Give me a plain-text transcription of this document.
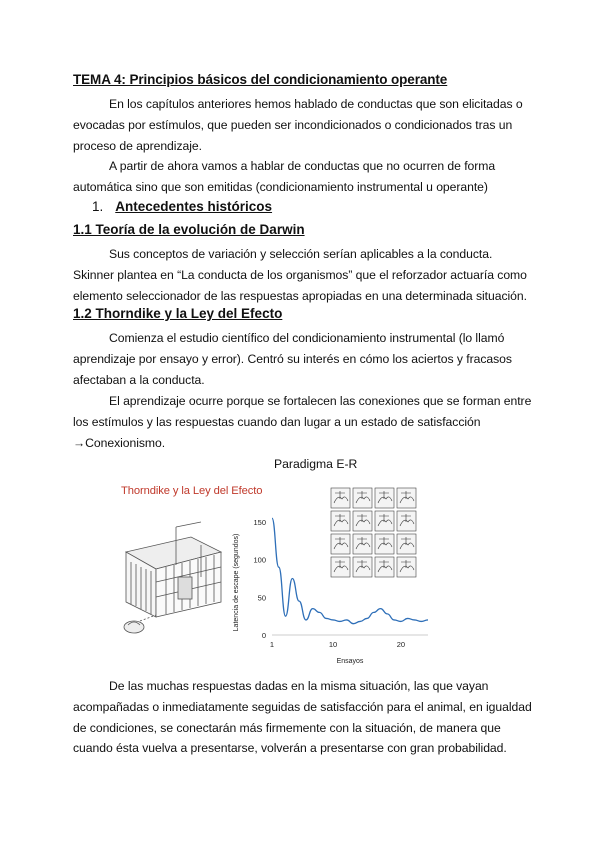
TEMA 4: Principios básicos del condicionamiento operante

En los capítulos anteriores hemos hablado de conductas que son elicitadas o evocadas por estímulos, que pueden ser incondicionados o condicionados tras un proceso de aprendizaje.

A partir de ahora vamos a hablar de conductas que no ocurren de forma automática sino que son emitidas (condicionamiento instrumental u operante)

1. Antecedentes históricos
1.1 Teoría de la evolución de Darwin

Sus conceptos de variación y selección serían aplicables a la conducta. Skinner plantea en “La conducta de los organismos” que el reforzador actuaría como elemento seleccionador de las respuestas apropiadas en una determinada situación.

1.2 Thorndike y la Ley del Efecto

Comienza el estudio científico del condicionamiento instrumental (lo llamó aprendizaje por ensayo y error). Centró su interés en cómo los aciertos y fracasos afectaban a la conducta.

El aprendizaje ocurre porque se fortalecen las conexiones que se forman entre los estímulos y las respuestas cuando dan lugar a un estado de satisfacción →Conexionismo.

Paradigma E-R
Thorndike y la Ley del Efecto
0
50
100
150
1	10	20
Ensayos
Latencia de escape (segundos)

De las muchas respuestas dadas en la misma situación, las que vayan acompañadas o inmediatamente seguidas de satisfacción para el animal, en igualdad de condiciones, se conectarán más firmemente con la situación, de manera que cuando ésta vuelva a presentarse, volverán a presentarse con gran probabilidad.
